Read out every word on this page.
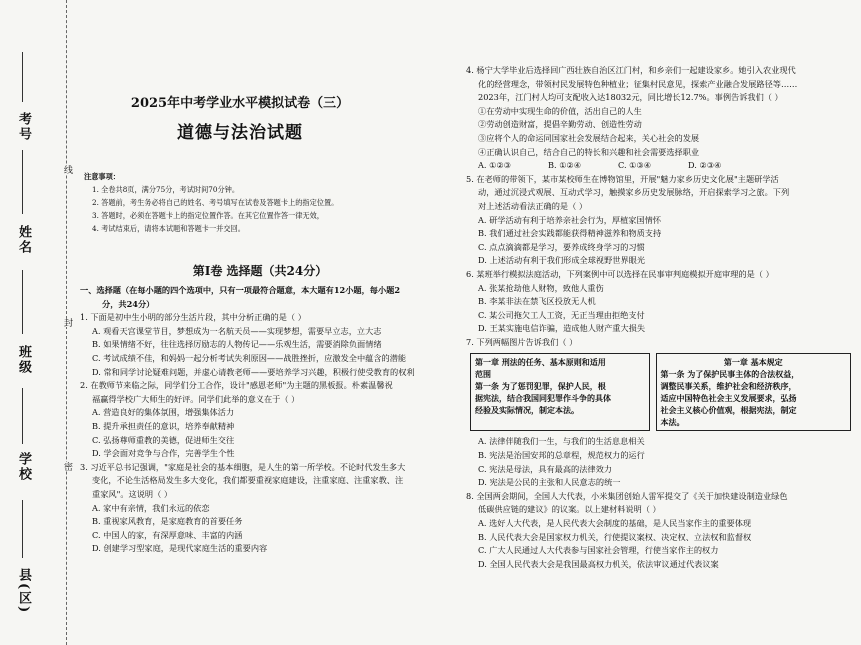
线
封
密
考号
姓名
班级
学校
县(区)
2025年中考学业水平模拟试卷（三）
道德与法治试题
注意事项：
1. 全卷共8页，满分75分，考试时间70分钟。
2. 答题前，考生务必将自己的姓名、考号填写在试卷及答题卡上的指定位置。
3. 答题时，必须在答题卡上的指定位置作答。在其它位置作答一律无效，
4. 考试结束后，请将本试题和答题卡一并交回。
第Ⅰ卷 选择题（共24分）

一、选择题（在每小题的四个选项中，只有一项最符合题意，本大题有12小题，每小题2

分，共24分）

1. 下面是初中生小明的部分生活片段，其中分析正确的是（ ）

A. 观看天宫课堂节目，梦想成为一名航天员——实现梦想，需要早立志，立大志

B. 如果情绪不好，往往选择厉励志的人物传记——乐观生活，需要消除负面情绪

C. 考试成绩不佳，和妈妈一起分析考试失利原因——战胜挫折，应激发全中蕴含的潜能

D. 常和同学讨论疑难问题，并虚心请教老师——要培养学习兴趣，积极行使受教育的权利

2. 在教师节来临之际，同学们分工合作，设计"感恩老师"为主题的黑板报。朴素温馨祝

福赢得学校广大师生的好评。同学们此举的意义在于（ ）

A. 营造良好的集体氛围，增强集体活力

B. 提升承担责任的意识，培养奉献精神

C. 弘扬尊师重教的美德，促进师生交往

D. 学会面对竞争与合作，完善学生个性

3. 习近平总书记强调，"家庭是社会的基本细胞，是人生的第一所学校。不论时代发生多大

变化，不论生活格局发生多大变化，我们都要重视家庭建设，注重家庭、注重家教、注

重家风"。这说明（ ）

A. 家中有亲情，我们永远的依恋

B. 重视家风教育，是家庭教育的首要任务

C. 中国人的家，有深厚意味、丰富的内涵

D. 创建学习型家庭，是现代家庭生活的重要内容

4. 杨宁大学毕业后选择回广西壮族自治区江门村，和乡亲们一起建设家乡。她引入农业现代

化的经营理念，带领村民发展特色种植业；征集村民意见，探索产业融合发展路径等……

2023年，江门村人均可支配收入达18032元，同比增长12.7%。事例告诉我们（ ）

①在劳动中实现生命的价值，活出自己的人生

②劳动创造财富，提倡辛勤劳动、创造性劳动

③应将个人的命运同国家社会发展结合起来，关心社会的发展

④正确认识自己，结合自己的特长和兴趣和社会需要选择职业

A. ①②③	B. ①②④	C. ①③④	D. ②③④

5. 在老师的带领下，某市某校师生在博物馆里，开展"魅力家乡历史文化展"主题研学活

动，通过沉浸式观展、互动式学习，触摸家乡历史发展脉络，开启探索学习之旅。下列

对上述活动看法正确的是（ ）

A. 研学活动有利于培养亲社会行为，厚植家国情怀

B. 我们通过社会实践都能获得精神滋养和物质支持

C. 点点滴滴都是学习，要养成终身学习的习惯

D. 上述活动有利于我们形成全球视野世界眼光

6. 某班举行模拟法庭活动，下列案例中可以选择在民事审判庭模拟开庭审理的是（ ）

A. 张某抢劫他人财物，致他人重伤

B. 李某非法在禁飞区投放无人机

C. 某公司拖欠工人工资，无正当理由拒绝支付

D. 王某实施电信诈骗，造成他人财产重大损失

7. 下列两幅图片告诉我们（ ）

第一章 刑法的任务、基本原则和适用
范围
第一条 为了惩罚犯罪，保护人民，根
据宪法，结合我国同犯罪作斗争的具体
经验及实际情况，制定本法。
第一章 基本规定
第一条 为了保护民事主体的合法权益，
调整民事关系，维护社会和经济秩序，
适应中国特色社会主义发展要求，弘扬
社会主义核心价值观，根据宪法，制定
本法。

A. 法律伴随我们一生，与我们的生活息息相关

B. 宪法是治国安邦的总章程，规范权力的运行

C. 宪法是母法，具有最高的法律效力

D. 宪法是公民的主张和人民意志的统一

8. 全国两会期间，全国人大代表，小米集团创始人雷军提交了《关于加快建设制造业绿色

低碳供应链的建议》的议案。以上建材料说明（ ）

A. 选好人大代表，是人民代表大会制度的基础，是人民当家作主的重要体现

B. 人民代表大会是国家权力机关，行使提议案权、决定权、立法权和监督权

C. 广大人民通过人大代表参与国家社会管理，行使当家作主的权力

D. 全国人民代表大会是我国最高权力机关，依法审议通过代表议案
